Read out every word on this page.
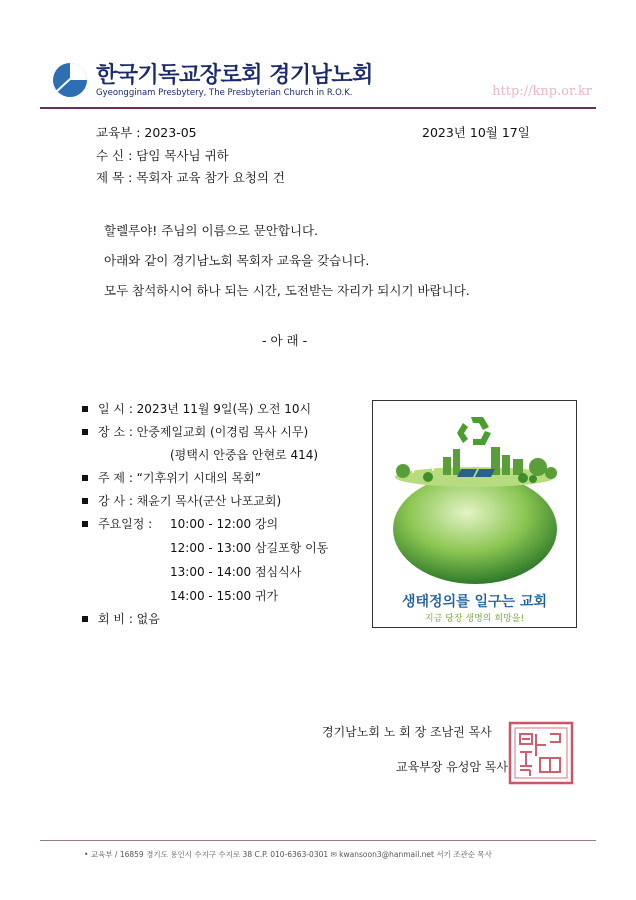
한국기독교장로회 경기남노회
Gyeongginam Presbytery, The Presbyterian Church in R.O.K.	http://knp.or.kr
교육부 : 2023-05	2023년 10월 17일
수 신 : 담임 목사님 귀하
제 목 : 목회자 교육 참가 요청의 건
할렐루야! 주님의 이름으로 문안합니다.
아래와 같이 경기남노회 목회자 교육을 갖습니다.
모두 참석하시어 하나 되는 시간, 도전받는 자리가 되시기 바랍니다.
- 아 래 -
일 시 : 2023년 11월 9일(목) 오전 10시
장 소 : 안중제일교회 (이경림 목사 시무)
(평택시 안중읍 안현로 414)
주 제 : “기후위기 시대의 목회”
강 사 : 채윤기 목사(군산 나포교회)
주요일정 : 10:00 - 12:00 강의
12:00 - 13:00 삼길포항 이동
13:00 - 14:00 점심식사
14:00 - 15:00 귀가
회 비 : 없음
생태정의를 일구는 교회
지금 당장 생명의 희망을!
경기남노회 노 회 장 조남권 목사
교육부장 유성암 목사
• 교육부 / 16859 경기도 용인시 수지구 수지로 38 C.P. 010-6363-0301 ✉ kwansoon3@hanmail.net 서기 조관순 목사
